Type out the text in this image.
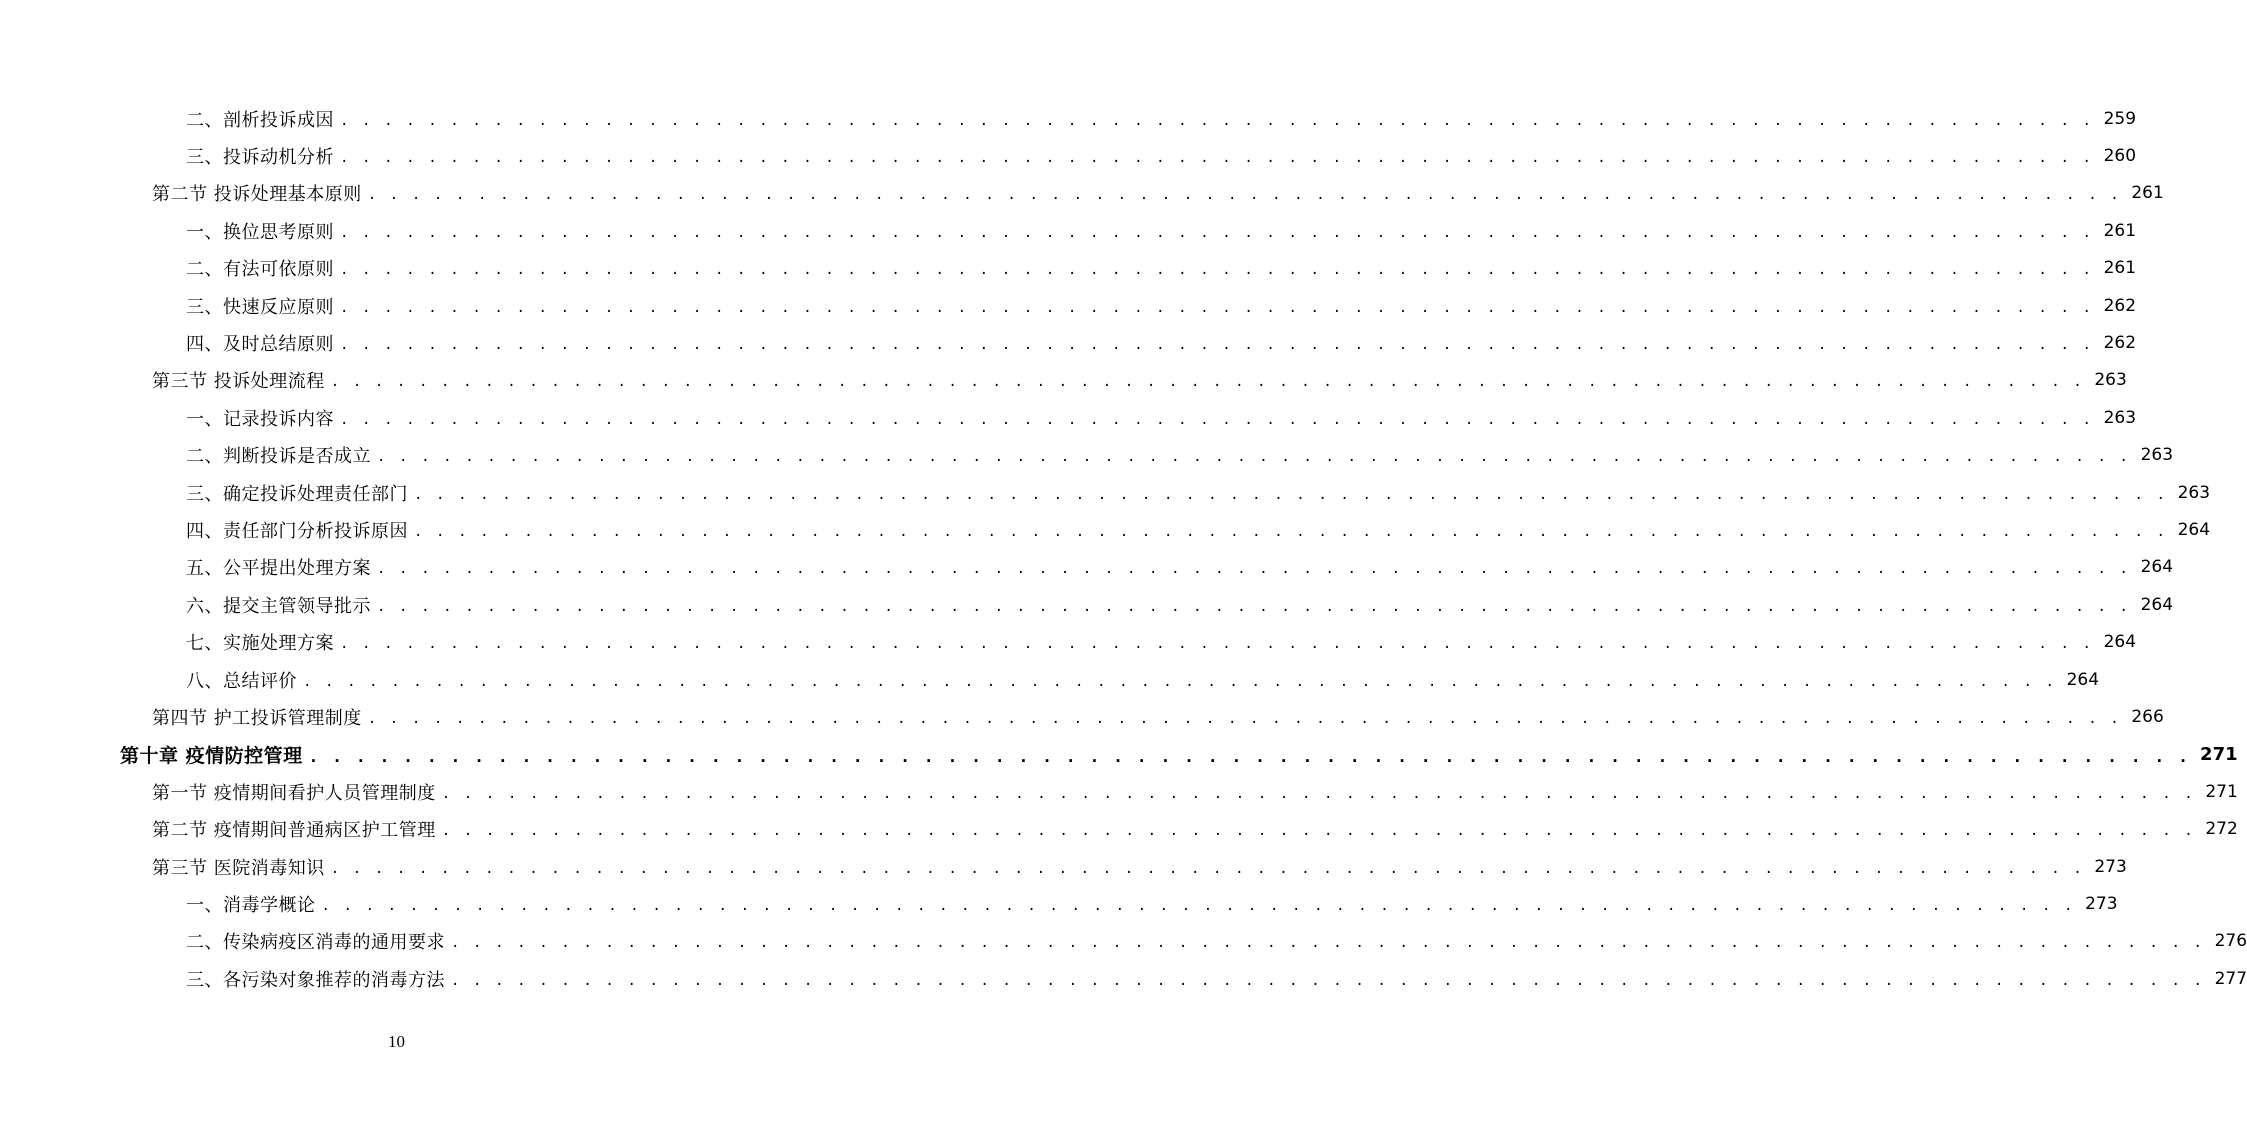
二、剖析投诉成因 . . . . . . . . . . . . . . . . . . . . . . . . . . . . . . . . . . . . . . . . . . . . . . . . . . . . . . . . . . . . . . . . . . . . . . . . . . . . . . . . 259
三、投诉动机分析 . . . . . . . . . . . . . . . . . . . . . . . . . . . . . . . . . . . . . . . . . . . . . . . . . . . . . . . . . . . . . . . . . . . . . . . . . . . . . . . . 260
第二节 投诉处理基本原则 . . . . . . . . . . . . . . . . . . . . . . . . . . . . . . . . . . . . . . . . . . . . . . . . . . . . . . . . . . . . . . . . . . . . . . . . . . . . . . . . 261
一、换位思考原则 . . . . . . . . . . . . . . . . . . . . . . . . . . . . . . . . . . . . . . . . . . . . . . . . . . . . . . . . . . . . . . . . . . . . . . . . . . . . . . . . 261
二、有法可依原则 . . . . . . . . . . . . . . . . . . . . . . . . . . . . . . . . . . . . . . . . . . . . . . . . . . . . . . . . . . . . . . . . . . . . . . . . . . . . . . . . 261
三、快速反应原则 . . . . . . . . . . . . . . . . . . . . . . . . . . . . . . . . . . . . . . . . . . . . . . . . . . . . . . . . . . . . . . . . . . . . . . . . . . . . . . . . 262
四、及时总结原则 . . . . . . . . . . . . . . . . . . . . . . . . . . . . . . . . . . . . . . . . . . . . . . . . . . . . . . . . . . . . . . . . . . . . . . . . . . . . . . . . 262
第三节 投诉处理流程 . . . . . . . . . . . . . . . . . . . . . . . . . . . . . . . . . . . . . . . . . . . . . . . . . . . . . . . . . . . . . . . . . . . . . . . . . . . . . . . . 263
一、记录投诉内容 . . . . . . . . . . . . . . . . . . . . . . . . . . . . . . . . . . . . . . . . . . . . . . . . . . . . . . . . . . . . . . . . . . . . . . . . . . . . . . . . 263
二、判断投诉是否成立 . . . . . . . . . . . . . . . . . . . . . . . . . . . . . . . . . . . . . . . . . . . . . . . . . . . . . . . . . . . . . . . . . . . . . . . . . . . . . . . . 263
三、确定投诉处理责任部门 . . . . . . . . . . . . . . . . . . . . . . . . . . . . . . . . . . . . . . . . . . . . . . . . . . . . . . . . . . . . . . . . . . . . . . . . . . . . . . . . 263
四、责任部门分析投诉原因 . . . . . . . . . . . . . . . . . . . . . . . . . . . . . . . . . . . . . . . . . . . . . . . . . . . . . . . . . . . . . . . . . . . . . . . . . . . . . . . . 264
五、公平提出处理方案 . . . . . . . . . . . . . . . . . . . . . . . . . . . . . . . . . . . . . . . . . . . . . . . . . . . . . . . . . . . . . . . . . . . . . . . . . . . . . . . . 264
六、提交主管领导批示 . . . . . . . . . . . . . . . . . . . . . . . . . . . . . . . . . . . . . . . . . . . . . . . . . . . . . . . . . . . . . . . . . . . . . . . . . . . . . . . . 264
七、实施处理方案 . . . . . . . . . . . . . . . . . . . . . . . . . . . . . . . . . . . . . . . . . . . . . . . . . . . . . . . . . . . . . . . . . . . . . . . . . . . . . . . . 264
八、总结评价 . . . . . . . . . . . . . . . . . . . . . . . . . . . . . . . . . . . . . . . . . . . . . . . . . . . . . . . . . . . . . . . . . . . . . . . . . . . . . . . . 264
第四节 护工投诉管理制度 . . . . . . . . . . . . . . . . . . . . . . . . . . . . . . . . . . . . . . . . . . . . . . . . . . . . . . . . . . . . . . . . . . . . . . . . . . . . . . . . 266
第十章 疫情防控管理 . . . . . . . . . . . . . . . . . . . . . . . . . . . . . . . . . . . . . . . . . . . . . . . . . . . . . . . . . . . . . . . . . . . . . . . . . . . . . . . . 271
第一节 疫情期间看护人员管理制度 . . . . . . . . . . . . . . . . . . . . . . . . . . . . . . . . . . . . . . . . . . . . . . . . . . . . . . . . . . . . . . . . . . . . . . . . . . . . . . . . 271
第二节 疫情期间普通病区护工管理 . . . . . . . . . . . . . . . . . . . . . . . . . . . . . . . . . . . . . . . . . . . . . . . . . . . . . . . . . . . . . . . . . . . . . . . . . . . . . . . . 272
第三节 医院消毒知识 . . . . . . . . . . . . . . . . . . . . . . . . . . . . . . . . . . . . . . . . . . . . . . . . . . . . . . . . . . . . . . . . . . . . . . . . . . . . . . . . 273
一、消毒学概论 . . . . . . . . . . . . . . . . . . . . . . . . . . . . . . . . . . . . . . . . . . . . . . . . . . . . . . . . . . . . . . . . . . . . . . . . . . . . . . . . 273
二、传染病疫区消毒的通用要求 . . . . . . . . . . . . . . . . . . . . . . . . . . . . . . . . . . . . . . . . . . . . . . . . . . . . . . . . . . . . . . . . . . . . . . . . . . . . . . . . 276
三、各污染对象推荐的消毒方法 . . . . . . . . . . . . . . . . . . . . . . . . . . . . . . . . . . . . . . . . . . . . . . . . . . . . . . . . . . . . . . . . . . . . . . . . . . . . . . . . 277
10
